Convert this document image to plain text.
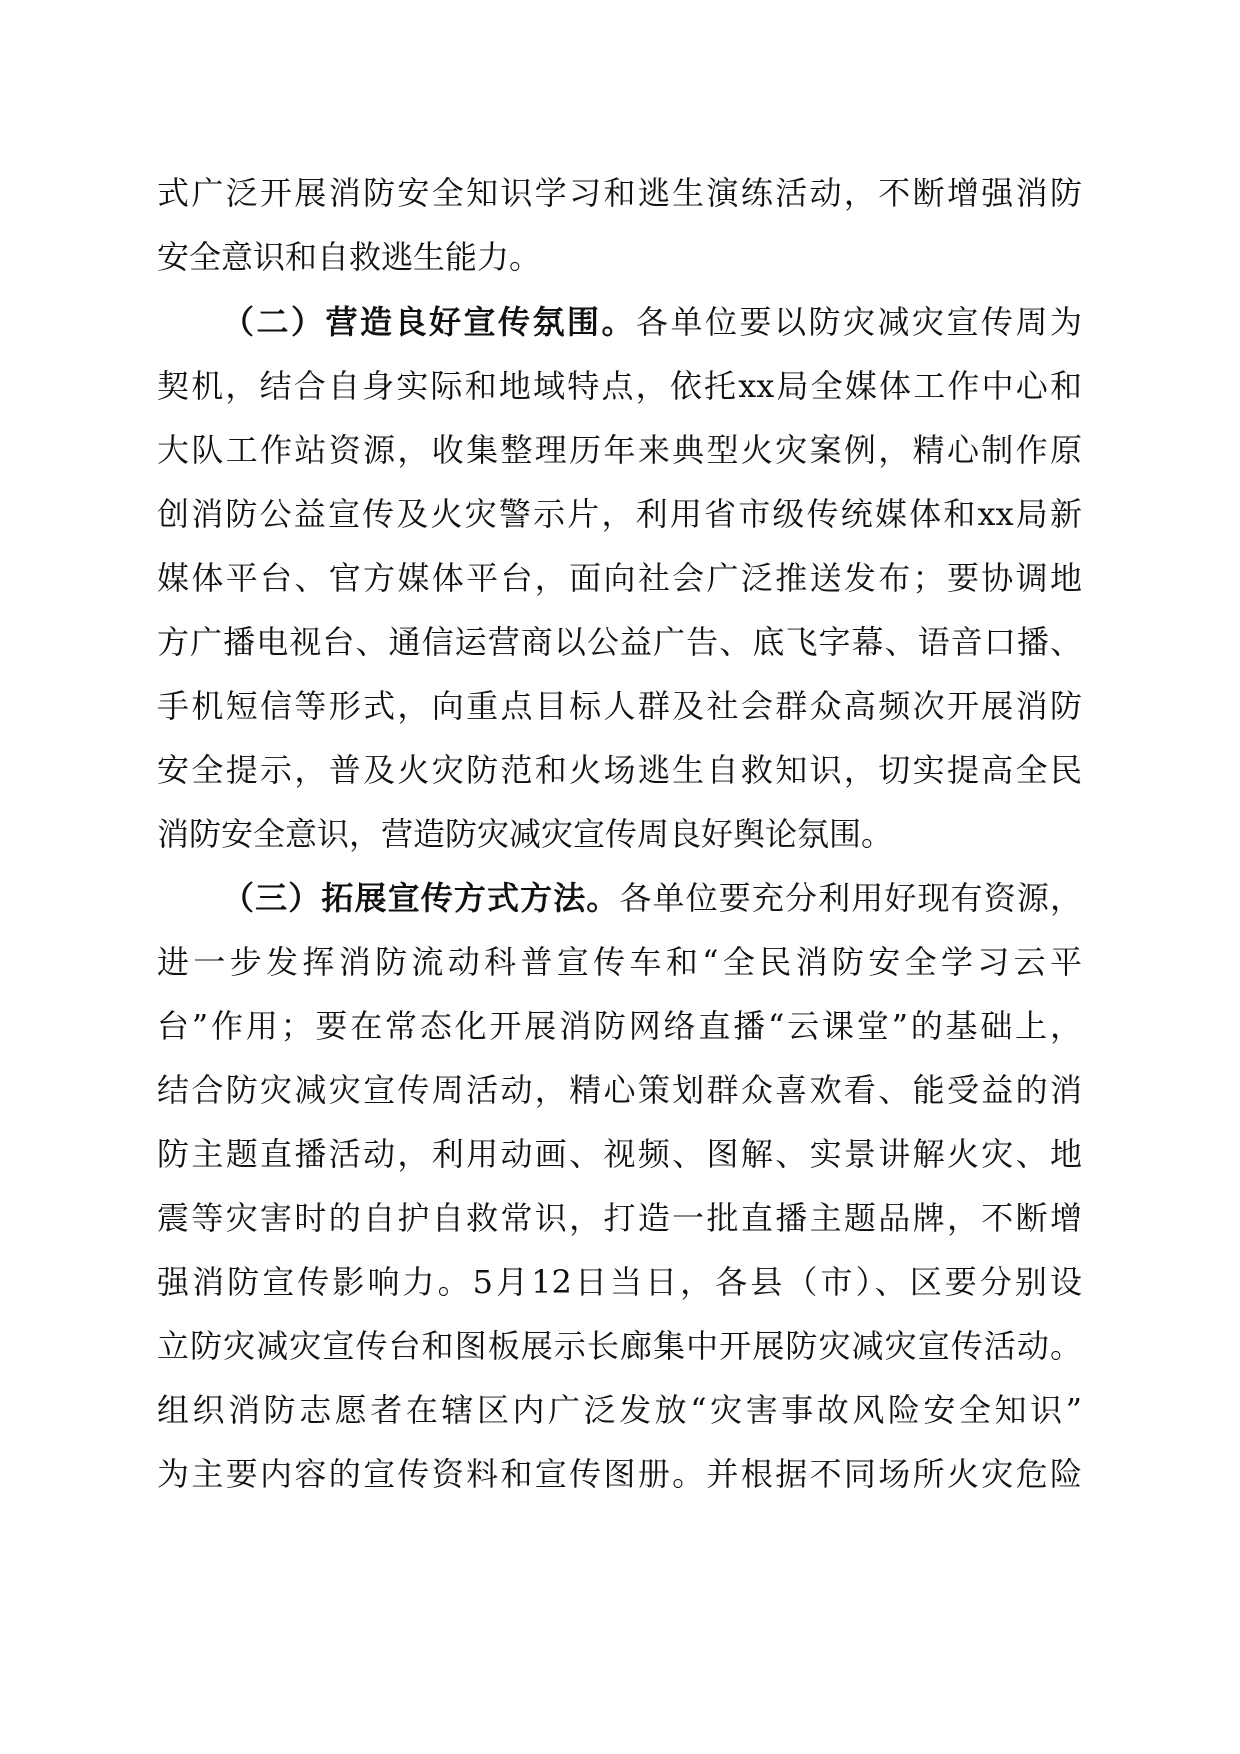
式广泛开展消防安全知识学习和逃生演练活动，不断增强消防
安全意识和自救逃生能力。
（二）营造良好宣传氛围。各单位要以防灾减灾宣传周为
契机，结合自身实际和地域特点，依托xx局全媒体工作中心和
大队工作站资源，收集整理历年来典型火灾案例，精心制作原
创消防公益宣传及火灾警示片，利用省市级传统媒体和xx局新
媒体平台、官方媒体平台，面向社会广泛推送发布；要协调地
方广播电视台、通信运营商以公益广告、底飞字幕、语音口播、
手机短信等形式，向重点目标人群及社会群众高频次开展消防
安全提示，普及火灾防范和火场逃生自救知识，切实提高全民
消防安全意识，营造防灾减灾宣传周良好舆论氛围。
（三）拓展宣传方式方法。各单位要充分利用好现有资源，
进一步发挥消防流动科普宣传车和“全民消防安全学习云平
台”作用；要在常态化开展消防网络直播“云课堂”的基础上，
结合防灾减灾宣传周活动，精心策划群众喜欢看、能受益的消
防主题直播活动，利用动画、视频、图解、实景讲解火灾、地
震等灾害时的自护自救常识，打造一批直播主题品牌，不断增
强消防宣传影响力。5月12日当日，各县（市）、区要分别设
立防灾减灾宣传台和图板展示长廊集中开展防灾减灾宣传活动。
组织消防志愿者在辖区内广泛发放“灾害事故风险安全知识”
为主要内容的宣传资料和宣传图册。并根据不同场所火灾危险
